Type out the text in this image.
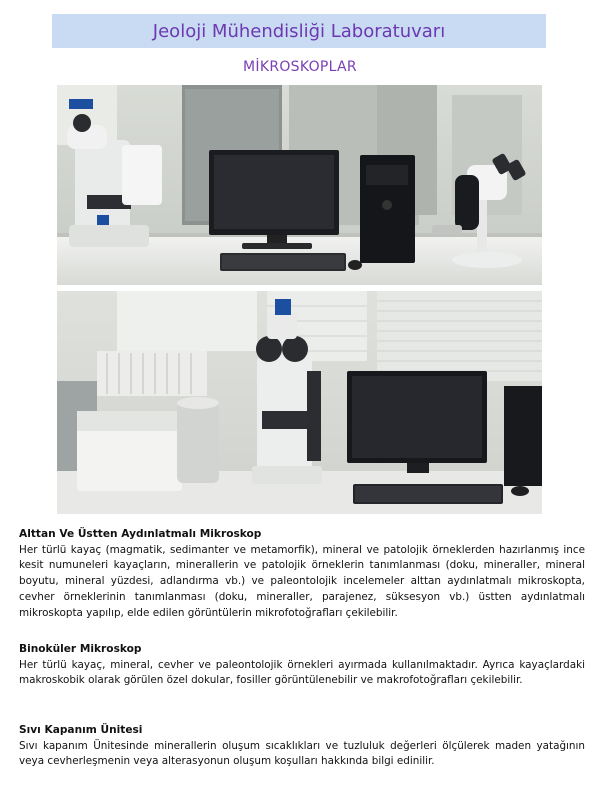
Jeoloji Mühendisliği Laboratuvarı
MİKROSKOPLAR
Alttan Ve Üstten Aydınlatmalı Mikroskop

Her türlü kayaç (magmatik, sedimanter ve metamorfik), mineral ve patolojik örneklerden hazırlanmış ince kesit numuneleri kayaçların, minerallerin ve patolojik örneklerin tanımlanması (doku, mineraller, mineral boyutu, mineral yüzdesi, adlandırma vb.) ve paleontolojik incelemeler alttan aydınlatmalı mikroskopta, cevher örneklerinin tanımlanması (doku, mineraller, parajenez, süksesyon vb.) üstten aydınlatmalı mikroskopta yapılıp, elde edilen görüntülerin mikrofotoğrafları çekilebilir.

Binoküler Mikroskop

Her türlü kayaç, mineral, cevher ve paleontolojik örnekleri ayırmada kullanılmaktadır. Ayrıca kayaçlardaki makroskobik olarak görülen özel dokular, fosiller görüntülenebilir ve makrofotoğrafları çekilebilir.

Sıvı Kapanım Ünitesi

Sıvı kapanım Ünitesinde minerallerin oluşum sıcaklıkları ve tuzluluk değerleri ölçülerek maden yatağının veya cevherleşmenin veya alterasyonun oluşum koşulları hakkında bilgi edinilir.
